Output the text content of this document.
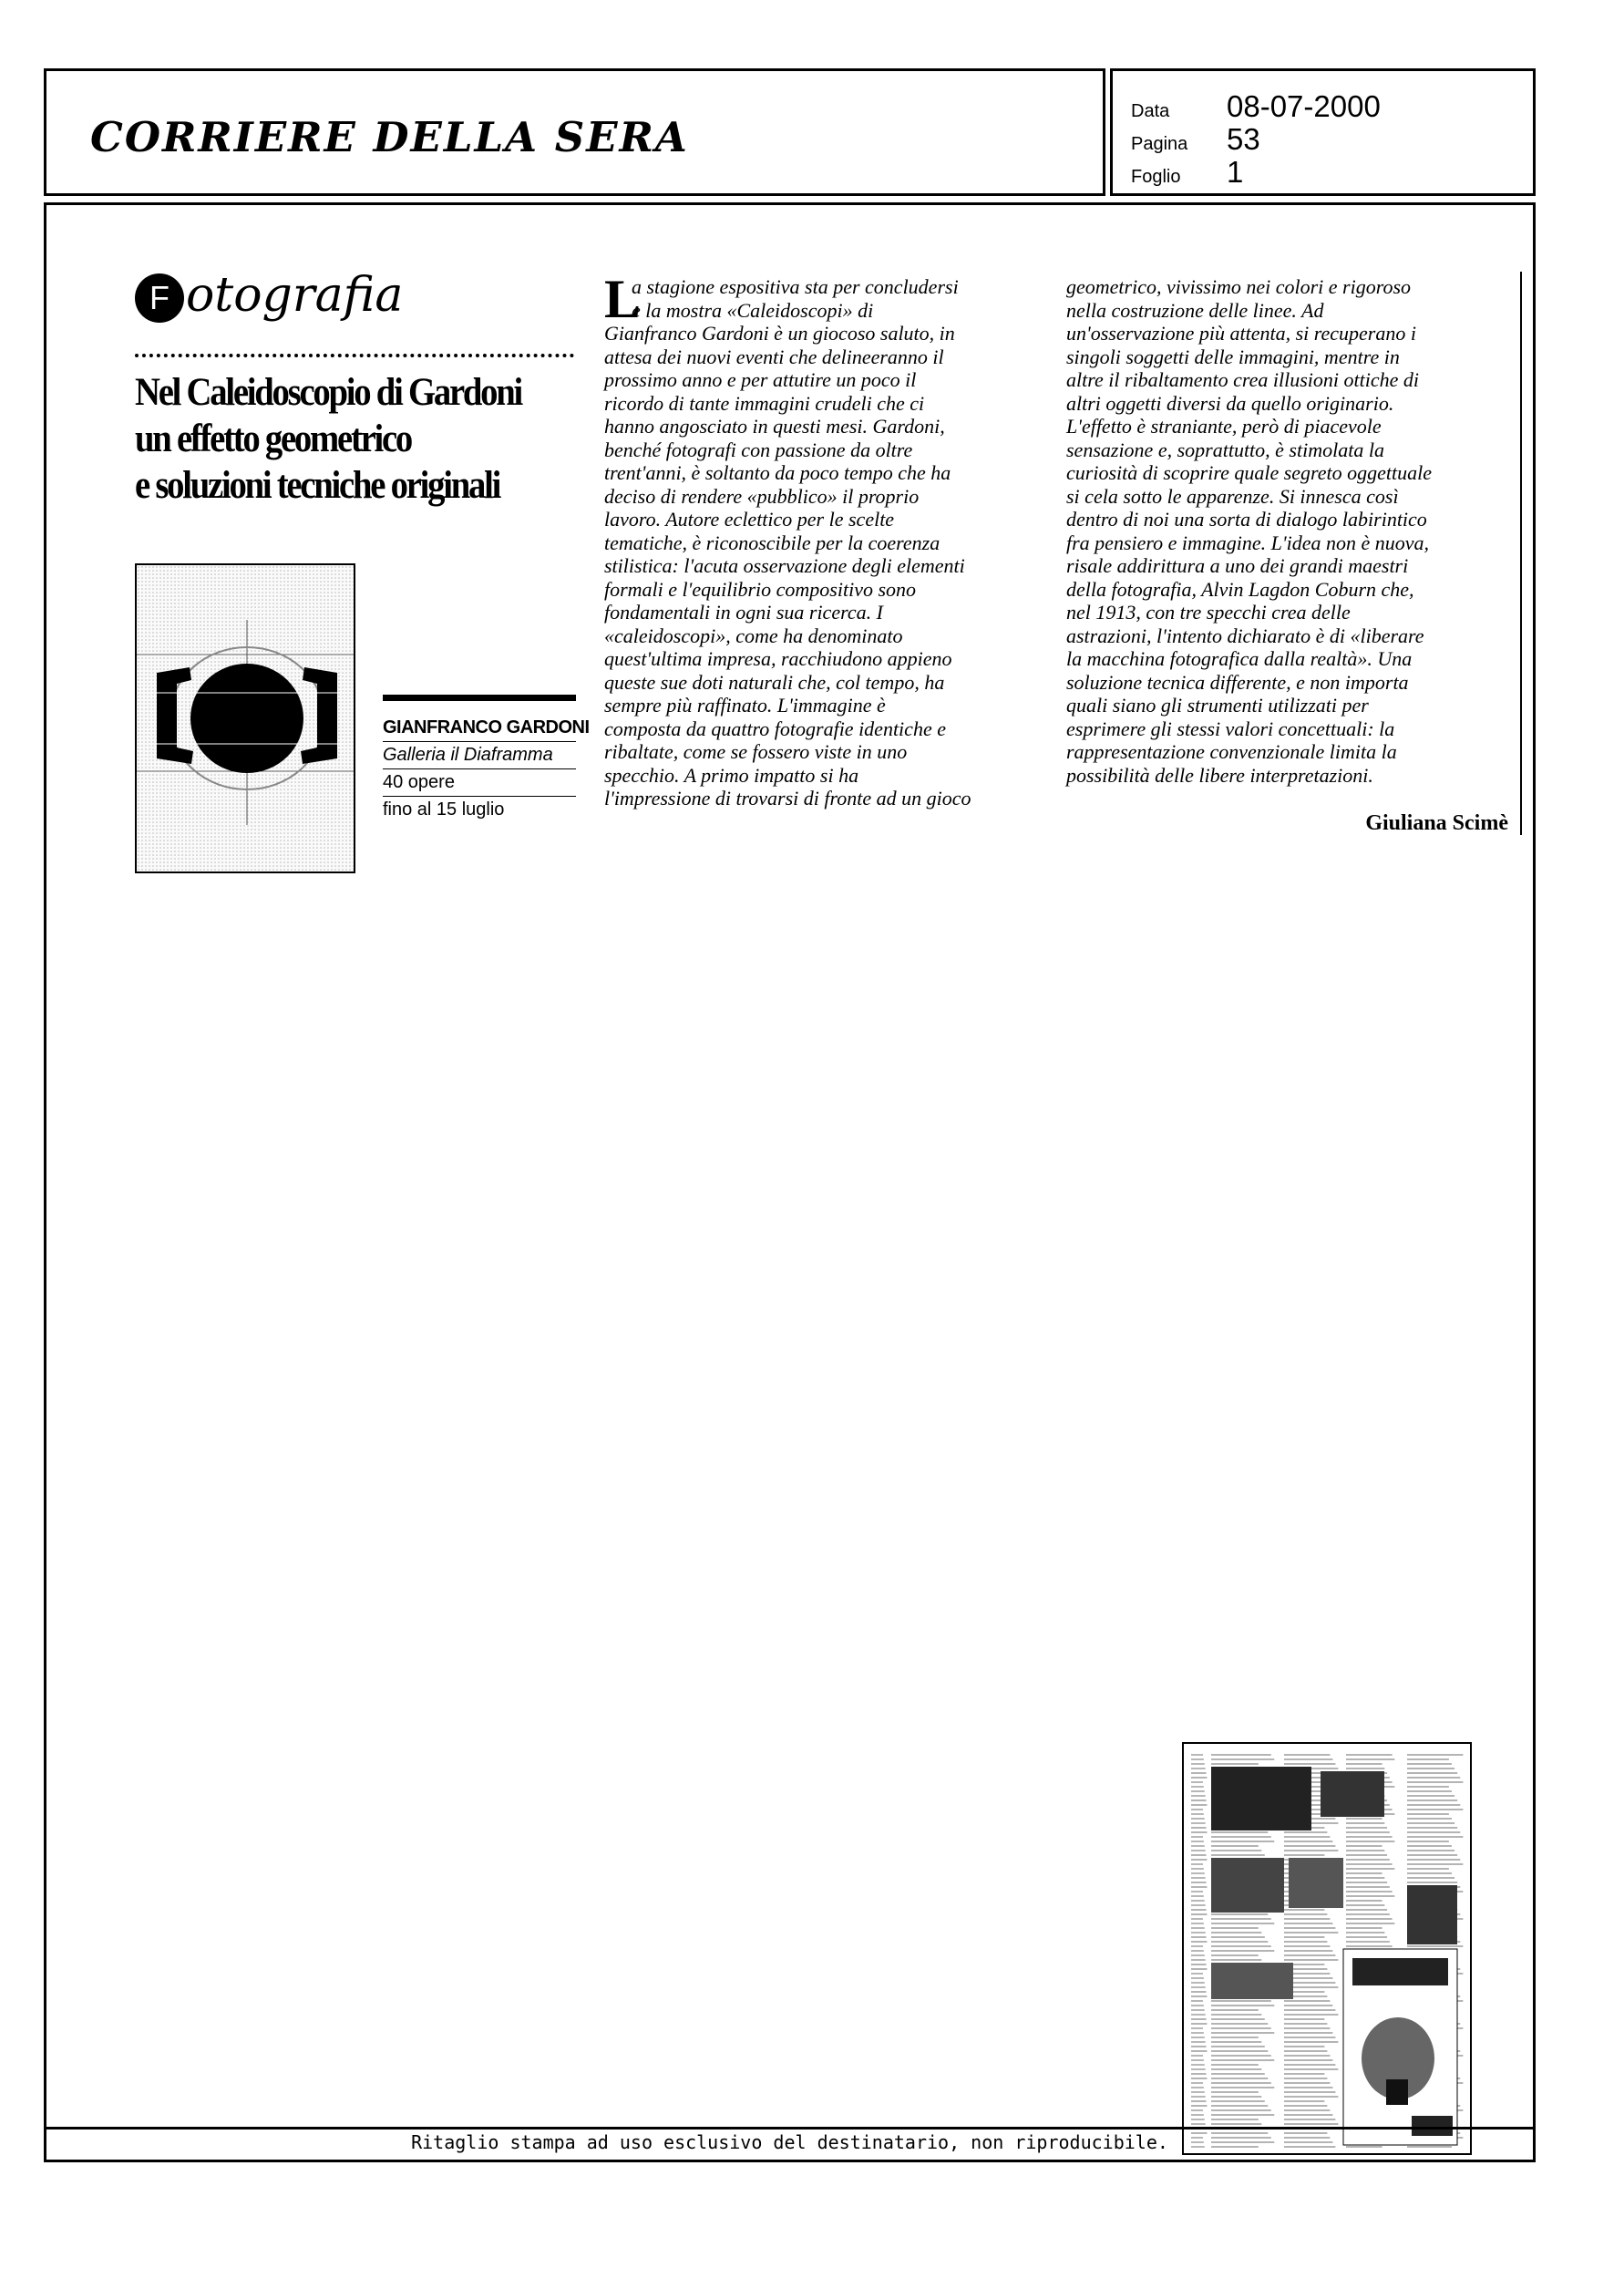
CORRIERE DELLA SERA
Data	08-07-2000
Pagina	53
Foglio	1
F otografia
Nel Caleidoscopio di Gardoni
un effetto geometrico
e soluzioni tecniche originali
GIANFRANCO GARDONI
Galleria il Diaframma
40 opere
fino al 15 luglio
L
a stagione espositiva sta per concludersi
e la mostra «Caleidoscopi» di
Gianfranco Gardoni è un giocoso saluto, in
attesa dei nuovi eventi che delineeranno il
prossimo anno e per attutire un poco il
ricordo di tante immagini crudeli che ci
hanno angosciato in questi mesi. Gardoni,
benché fotografi con passione da oltre
trent'anni, è soltanto da poco tempo che ha
deciso di rendere «pubblico» il proprio
lavoro. Autore eclettico per le scelte
tematiche, è riconoscibile per la coerenza
stilistica: l'acuta osservazione degli elementi
formali e l'equilibrio compositivo sono
fondamentali in ogni sua ricerca. I
«caleidoscopi», come ha denominato
quest'ultima impresa, racchiudono appieno
queste sue doti naturali che, col tempo, ha
sempre più raffinato. L'immagine è
composta da quattro fotografie identiche e
ribaltate, come se fossero viste in uno
specchio. A primo impatto si ha
l'impressione di trovarsi di fronte ad un gioco
geometrico, vivissimo nei colori e rigoroso
nella costruzione delle linee. Ad
un'osservazione più attenta, si recuperano i
singoli soggetti delle immagini, mentre in
altre il ribaltamento crea illusioni ottiche di
altri oggetti diversi da quello originario.
L'effetto è straniante, però di piacevole
sensazione e, soprattutto, è stimolata la
curiosità di scoprire quale segreto oggettuale
si cela sotto le apparenze. Si innesca così
dentro di noi una sorta di dialogo labirintico
fra pensiero e immagine. L'idea non è nuova,
risale addirittura a uno dei grandi maestri
della fotografia, Alvin Lagdon Coburn che,
nel 1913, con tre specchi crea delle
astrazioni, l'intento dichiarato è di «liberare
la macchina fotografica dalla realtà». Una
soluzione tecnica differente, e non importa
quali siano gli strumenti utilizzati per
esprimere gli stessi valori concettuali: la
rappresentazione convenzionale limita la
possibilità delle libere interpretazioni.
Giuliana Scimè
Ritaglio stampa ad uso esclusivo del destinatario, non riproducibile.
